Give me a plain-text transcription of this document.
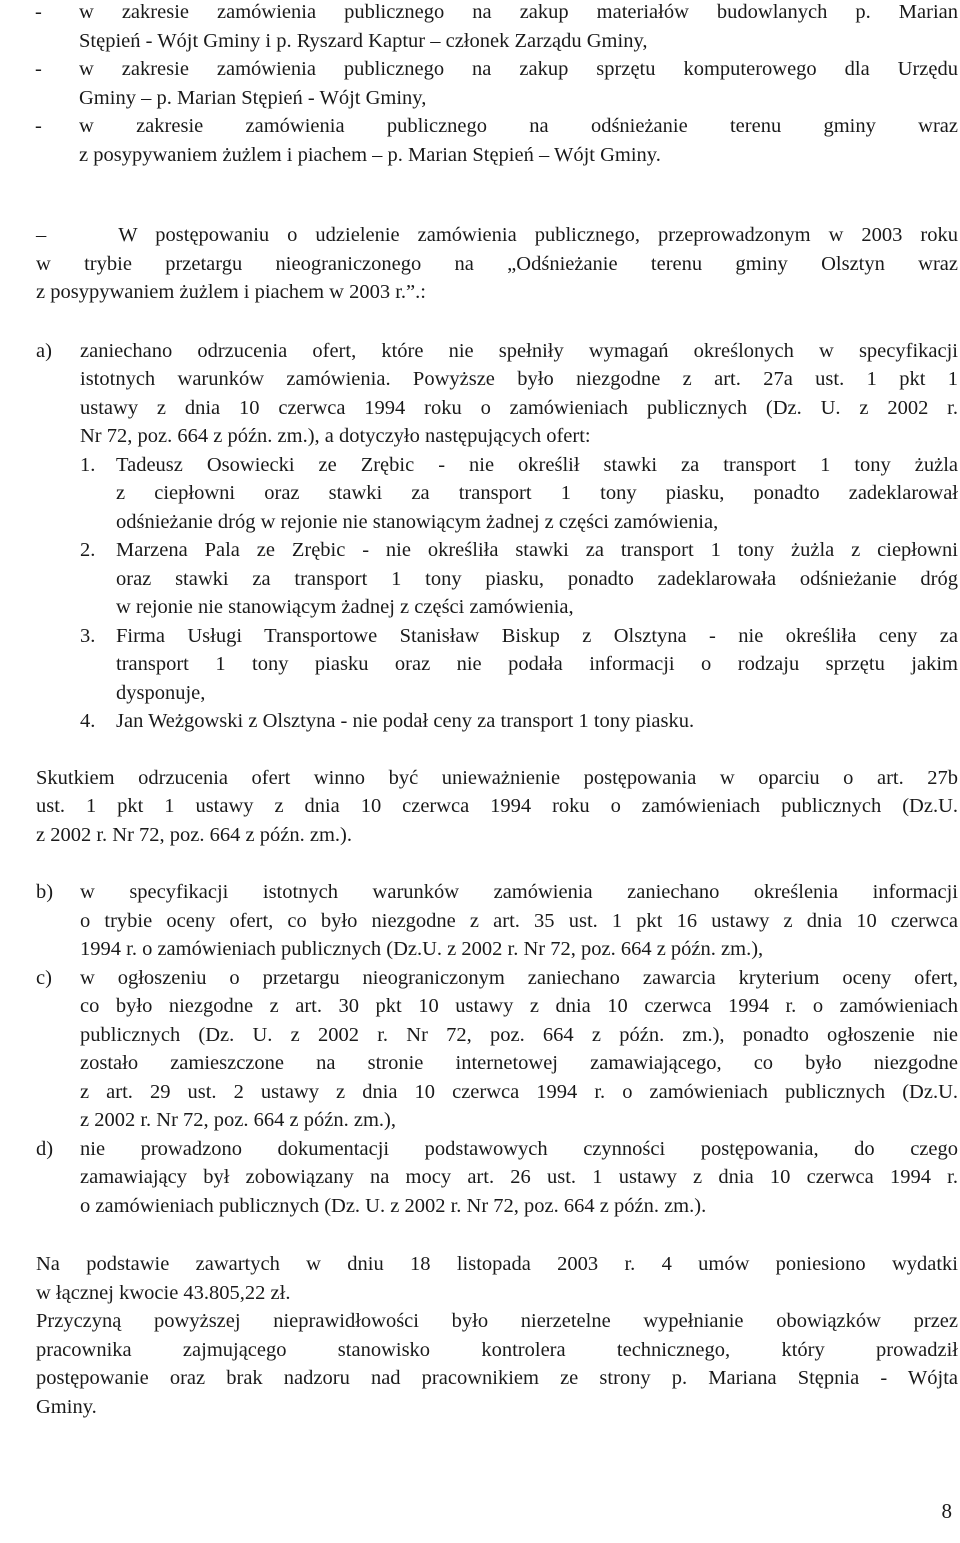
- w zakresie zamówienia publicznego na zakup materiałów budowlanych p. Marian
Stępień - Wójt Gminy i p. Ryszard Kaptur – członek Zarządu Gminy,
- w zakresie zamówienia publicznego na zakup sprzętu komputerowego dla Urzędu
Gminy – p. Marian Stępień - Wójt Gminy,
- w zakresie zamówienia publicznego na odśnieżanie terenu gminy wraz
z posypywaniem żużlem i piachem – p. Marian Stępień – Wójt Gminy.
–	W postępowaniu o udzielenie zamówienia publicznego, przeprowadzonym w 2003 roku
w trybie przetargu nieograniczonego na „Odśnieżanie terenu gminy Olsztyn wraz
z posypywaniem żużlem i piachem w 2003 r.”.:
a) zaniechano odrzucenia ofert, które nie spełniły wymagań określonych w specyfikacji
istotnych warunków zamówienia. Powyższe było niezgodne z art. 27a ust. 1 pkt 1
ustawy z dnia 10 czerwca 1994 roku o zamówieniach publicznych (Dz. U. z 2002 r.
Nr 72, poz. 664 z późn. zm.), a dotyczyło następujących ofert:
1. Tadeusz Osowiecki ze Zrębic - nie określił stawki za transport 1 tony żużla
z ciepłowni oraz stawki za transport 1 tony piasku, ponadto zadeklarował
odśnieżanie dróg w rejonie nie stanowiącym żadnej z części zamówienia,
2. Marzena Pala ze Zrębic - nie określiła stawki za transport 1 tony żużla z ciepłowni
oraz stawki za transport 1 tony piasku, ponadto zadeklarowała odśnieżanie dróg
w rejonie nie stanowiącym żadnej z części zamówienia,
3. Firma Usługi Transportowe Stanisław Biskup z Olsztyna - nie określiła ceny za
transport 1 tony piasku oraz nie podała informacji o rodzaju sprzętu jakim
dysponuje,
4. Jan Weżgowski z Olsztyna - nie podał ceny za transport 1 tony piasku.
Skutkiem odrzucenia ofert winno być unieważnienie postępowania w oparciu o art. 27b
ust. 1 pkt 1 ustawy z dnia 10 czerwca 1994 roku o zamówieniach publicznych (Dz.U.
z 2002 r. Nr 72, poz. 664 z późn. zm.).
b) w specyfikacji istotnych warunków zamówienia zaniechano określenia informacji
o trybie oceny ofert, co było niezgodne z art. 35 ust. 1 pkt 16 ustawy z dnia 10 czerwca
1994 r. o zamówieniach publicznych (Dz.U. z 2002 r. Nr 72, poz. 664 z późn. zm.),
c) w ogłoszeniu o przetargu nieograniczonym zaniechano zawarcia kryterium oceny ofert,
co było niezgodne z art. 30 pkt 10 ustawy z dnia 10 czerwca 1994 r. o zamówieniach
publicznych (Dz. U. z 2002 r. Nr 72, poz. 664 z późn. zm.), ponadto ogłoszenie nie
zostało zamieszczone na stronie internetowej zamawiającego, co było niezgodne
z art. 29 ust. 2 ustawy z dnia 10 czerwca 1994 r. o zamówieniach publicznych (Dz.U.
z 2002 r. Nr 72, poz. 664 z późn. zm.),
d) nie prowadzono dokumentacji podstawowych czynności postępowania, do czego
zamawiający był zobowiązany na mocy art. 26 ust. 1 ustawy z dnia 10 czerwca 1994 r.
o zamówieniach publicznych (Dz. U. z 2002 r. Nr 72, poz. 664 z późn. zm.).
Na podstawie zawartych w dniu 18 listopada 2003 r. 4 umów poniesiono wydatki
w łącznej kwocie 43.805,22 zł.
Przyczyną powyższej nieprawidłowości było nierzetelne wypełnianie obowiązków przez
pracownika zajmującego stanowisko kontrolera technicznego, który prowadził
postępowanie oraz brak nadzoru nad pracownikiem ze strony p. Mariana Stępnia - Wójta
Gminy.
8
